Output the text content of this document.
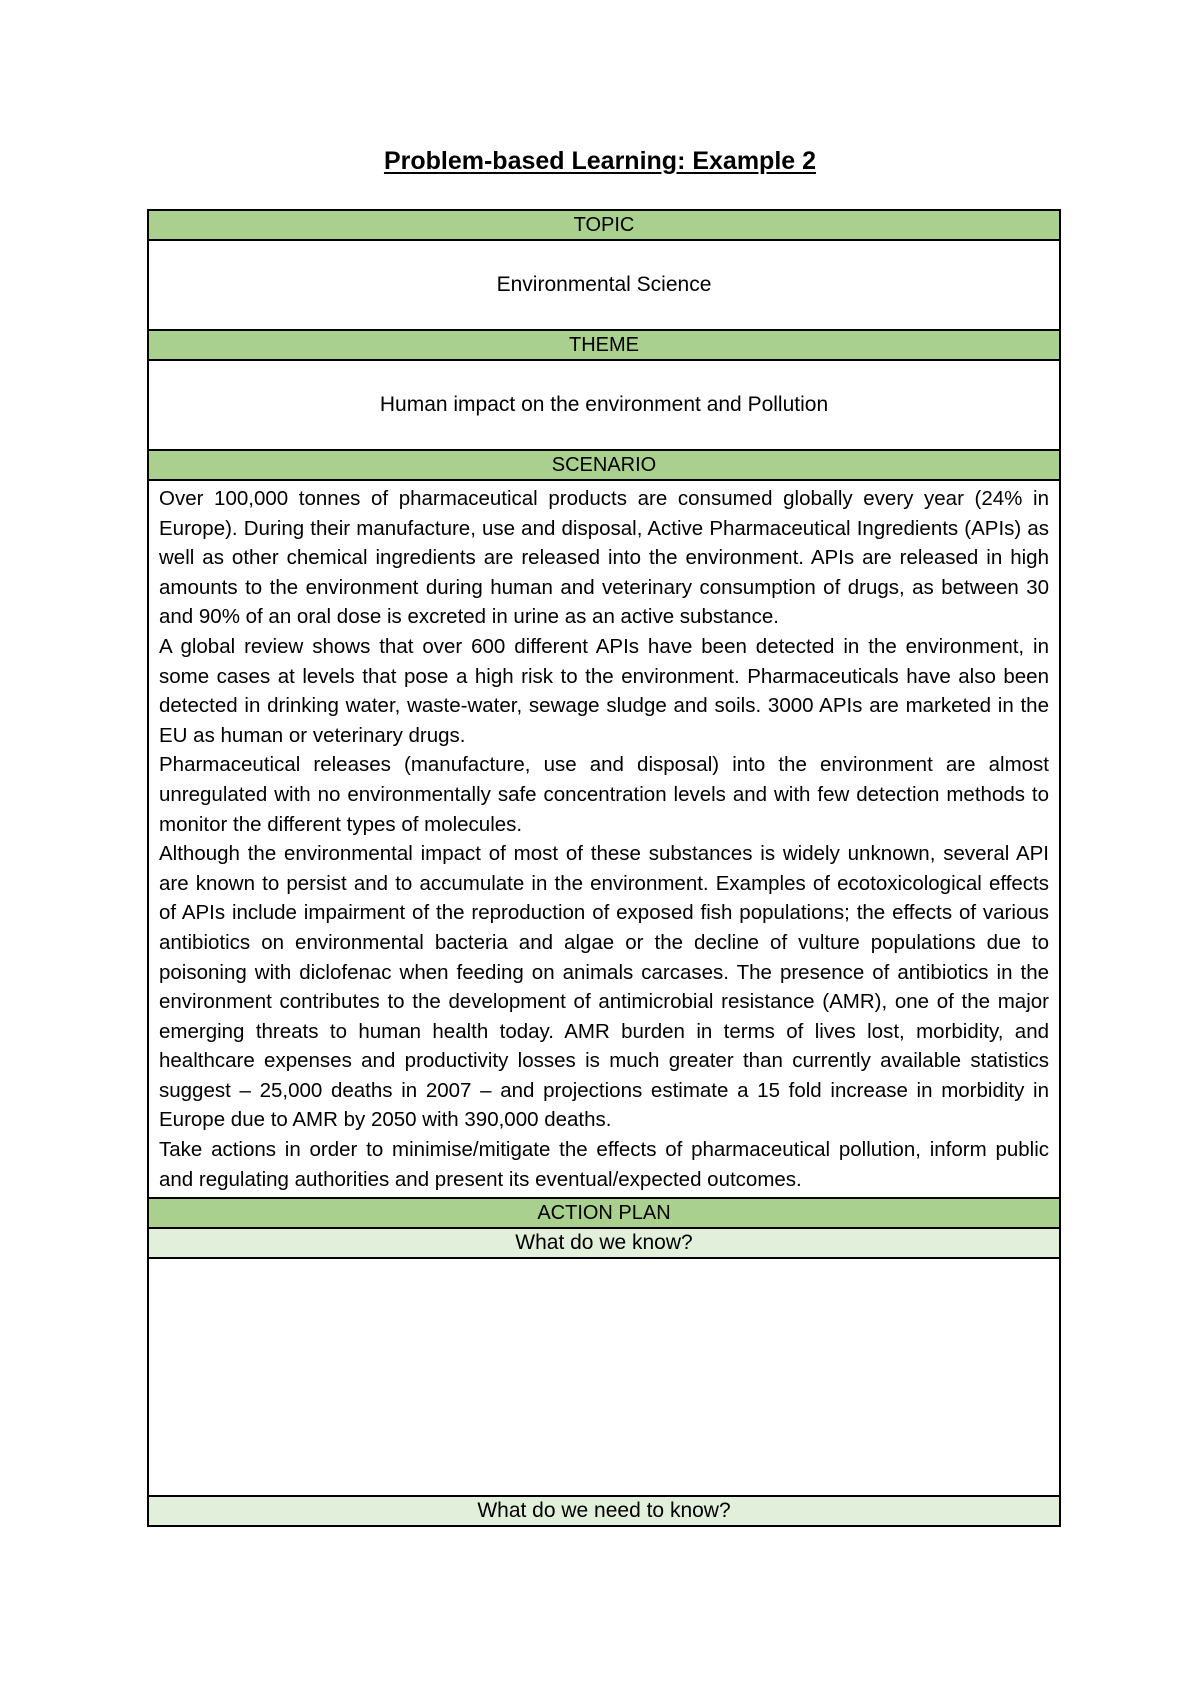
Problem-based Learning: Example 2
TOPIC
Environmental Science
THEME
Human impact on the environment and Pollution
SCENARIO

Over 100,000 tonnes of pharmaceutical products are consumed globally every year (24% in Europe). During their manufacture, use and disposal, Active Pharmaceutical Ingredients (APIs) as well as other chemical ingredients are released into the environment. APIs are released in high amounts to the environment during human and veterinary consumption of drugs, as between 30 and 90% of an oral dose is excreted in urine as an active substance.

A global review shows that over 600 different APIs have been detected in the environment, in some cases at levels that pose a high risk to the environment. Pharmaceuticals have also been detected in drinking water, waste-water, sewage sludge and soils. 3000 APIs are marketed in the EU as human or veterinary drugs.

Pharmaceutical releases (manufacture, use and disposal) into the environment are almost unregulated with no environmentally safe concentration levels and with few detection methods to monitor the different types of molecules.

Although the environmental impact of most of these substances is widely unknown, several API are known to persist and to accumulate in the environment. Examples of ecotoxicological effects of APIs include impairment of the reproduction of exposed fish populations; the effects of various antibiotics on environmental bacteria and algae or the decline of vulture populations due to poisoning with diclofenac when feeding on animals carcases. The presence of antibiotics in the environment contributes to the development of antimicrobial resistance (AMR), one of the major emerging threats to human health today. AMR burden in terms of lives lost, morbidity, and healthcare expenses and productivity losses is much greater than currently available statistics suggest – 25,000 deaths in 2007 – and projections estimate a 15 fold increase in morbidity in Europe due to AMR by 2050 with 390,000 deaths.

Take actions in order to minimise/mitigate the effects of pharmaceutical pollution, inform public and regulating authorities and present its eventual/expected outcomes.

ACTION PLAN
What do we know?
What do we need to know?
